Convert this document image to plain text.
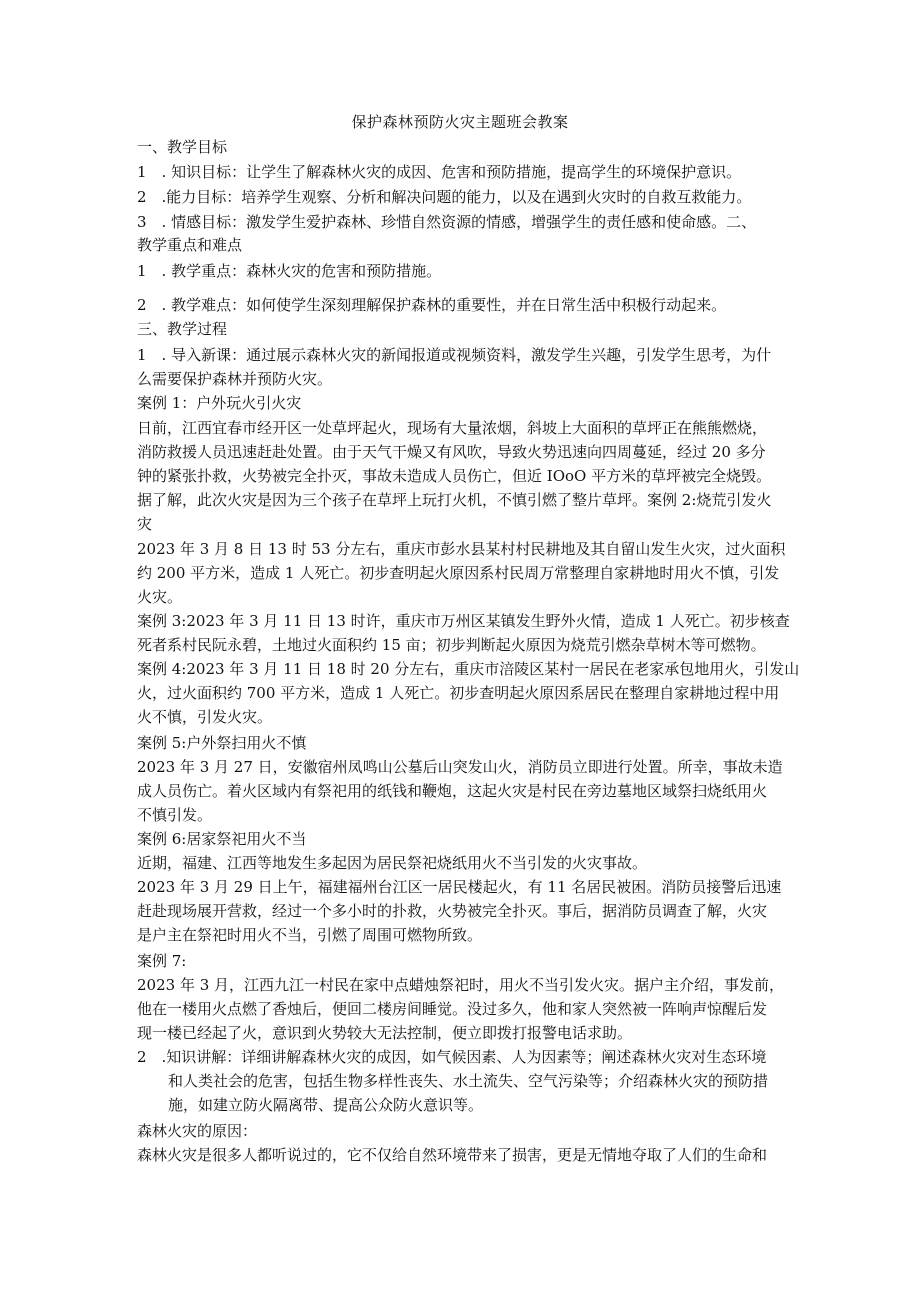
保护森林预防火灾主题班会教案
一、教学目标
1　. 知识目标：让学生了解森林火灾的成因、危害和预防措施，提高学生的环境保护意识。
2　.能力目标：培养学生观察、分析和解决问题的能力，以及在遇到火灾时的自救互救能力。
3　. 情感目标：激发学生爱护森林、珍惜自然资源的情感，增强学生的责任感和使命感。二、
教学重点和难点
1　. 教学重点：森林火灾的危害和预防措施。
2　. 教学难点：如何使学生深刻理解保护森林的重要性，并在日常生活中积极行动起来。
三、教学过程
1　. 导入新课：通过展示森林火灾的新闻报道或视频资料，激发学生兴趣，引发学生思考，为什
么需要保护森林并预防火灾。
案例 1：户外玩火引火灾
日前，江西宜春市经开区一处草坪起火，现场有大量浓烟，斜坡上大面积的草坪正在熊熊燃烧，
消防救援人员迅速赶赴处置。由于天气干燥又有风吹，导致火势迅速向四周蔓延，经过 20 多分
钟的紧张扑救，火势被完全扑灭，事故未造成人员伤亡，但近 IOoO 平方米的草坪被完全烧毁。
据了解，此次火灾是因为三个孩子在草坪上玩打火机，不慎引燃了整片草坪。案例 2:烧荒引发火
灾
2023 年 3 月 8 日 13 时 53 分左右，重庆市彭水县某村村民耕地及其自留山发生火灾，过火面积
约 200 平方米，造成 1 人死亡。初步查明起火原因系村民周万常整理自家耕地时用火不慎，引发
火灾。
案例 3:2023 年 3 月 11 日 13 时许，重庆市万州区某镇发生野外火情，造成 1 人死亡。初步核查
死者系村民阮永碧，土地过火面积约 15 亩；初步判断起火原因为烧荒引燃杂草树木等可燃物。
案例 4:2023 年 3 月 11 日 18 时 20 分左右，重庆市涪陵区某村一居民在老家承包地用火，引发山
火，过火面积约 700 平方米，造成 1 人死亡。初步查明起火原因系居民在整理自家耕地过程中用
火不慎，引发火灾。
案例 5:户外祭扫用火不慎
2023 年 3 月 27 日，安徽宿州凤鸣山公墓后山突发山火，消防员立即进行处置。所幸，事故未造
成人员伤亡。着火区域内有祭祀用的纸钱和鞭炮，这起火灾是村民在旁边墓地区域祭扫烧纸用火
不慎引发。
案例 6:居家祭祀用火不当
近期，福建、江西等地发生多起因为居民祭祀烧纸用火不当引发的火灾事故。
2023 年 3 月 29 日上午，福建福州台江区一居民楼起火，有 11 名居民被困。消防员接警后迅速
赶赴现场展开营救，经过一个多小时的扑救，火势被完全扑灭。事后，据消防员调查了解，火灾
是户主在祭祀时用火不当，引燃了周围可燃物所致。
案例 7:
2023 年 3 月，江西九江一村民在家中点蜡烛祭祀时，用火不当引发火灾。据户主介绍，事发前，
他在一楼用火点燃了香烛后，便回二楼房间睡觉。没过多久，他和家人突然被一阵响声惊醒后发
现一楼已经起了火，意识到火势较大无法控制，便立即拨打报警电话求助。
2　.知识讲解：详细讲解森林火灾的成因，如气候因素、人为因素等；阐述森林火灾对生态环境
和人类社会的危害，包括生物多样性丧失、水土流失、空气污染等；介绍森林火灾的预防措
施，如建立防火隔离带、提高公众防火意识等。
森林火灾的原因：
森林火灾是很多人都听说过的，它不仅给自然环境带来了损害，更是无情地夺取了人们的生命和
